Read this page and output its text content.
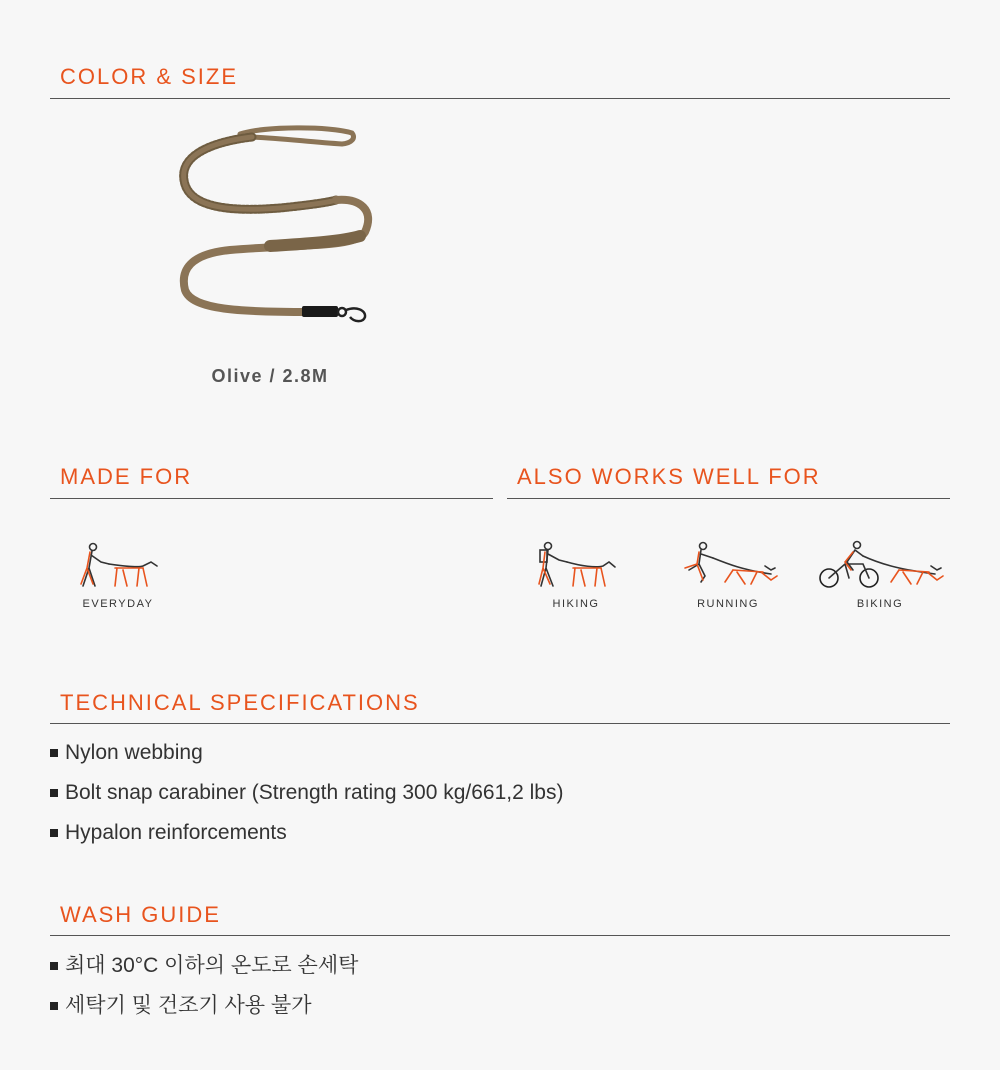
COLOR & SIZE
Olive / 2.8M
MADE FOR	ALSO WORKS WELL FOR
EVERYDAY	HIKING	RUNNING	BIKING
TECHNICAL SPECIFICATIONS
Nylon webbing
Bolt snap carabiner (Strength rating 300 kg/661,2 lbs)
Hypalon reinforcements
WASH GUIDE
최대 30°C 이하의 온도로 손세탁
세탁기 및 건조기 사용 불가
